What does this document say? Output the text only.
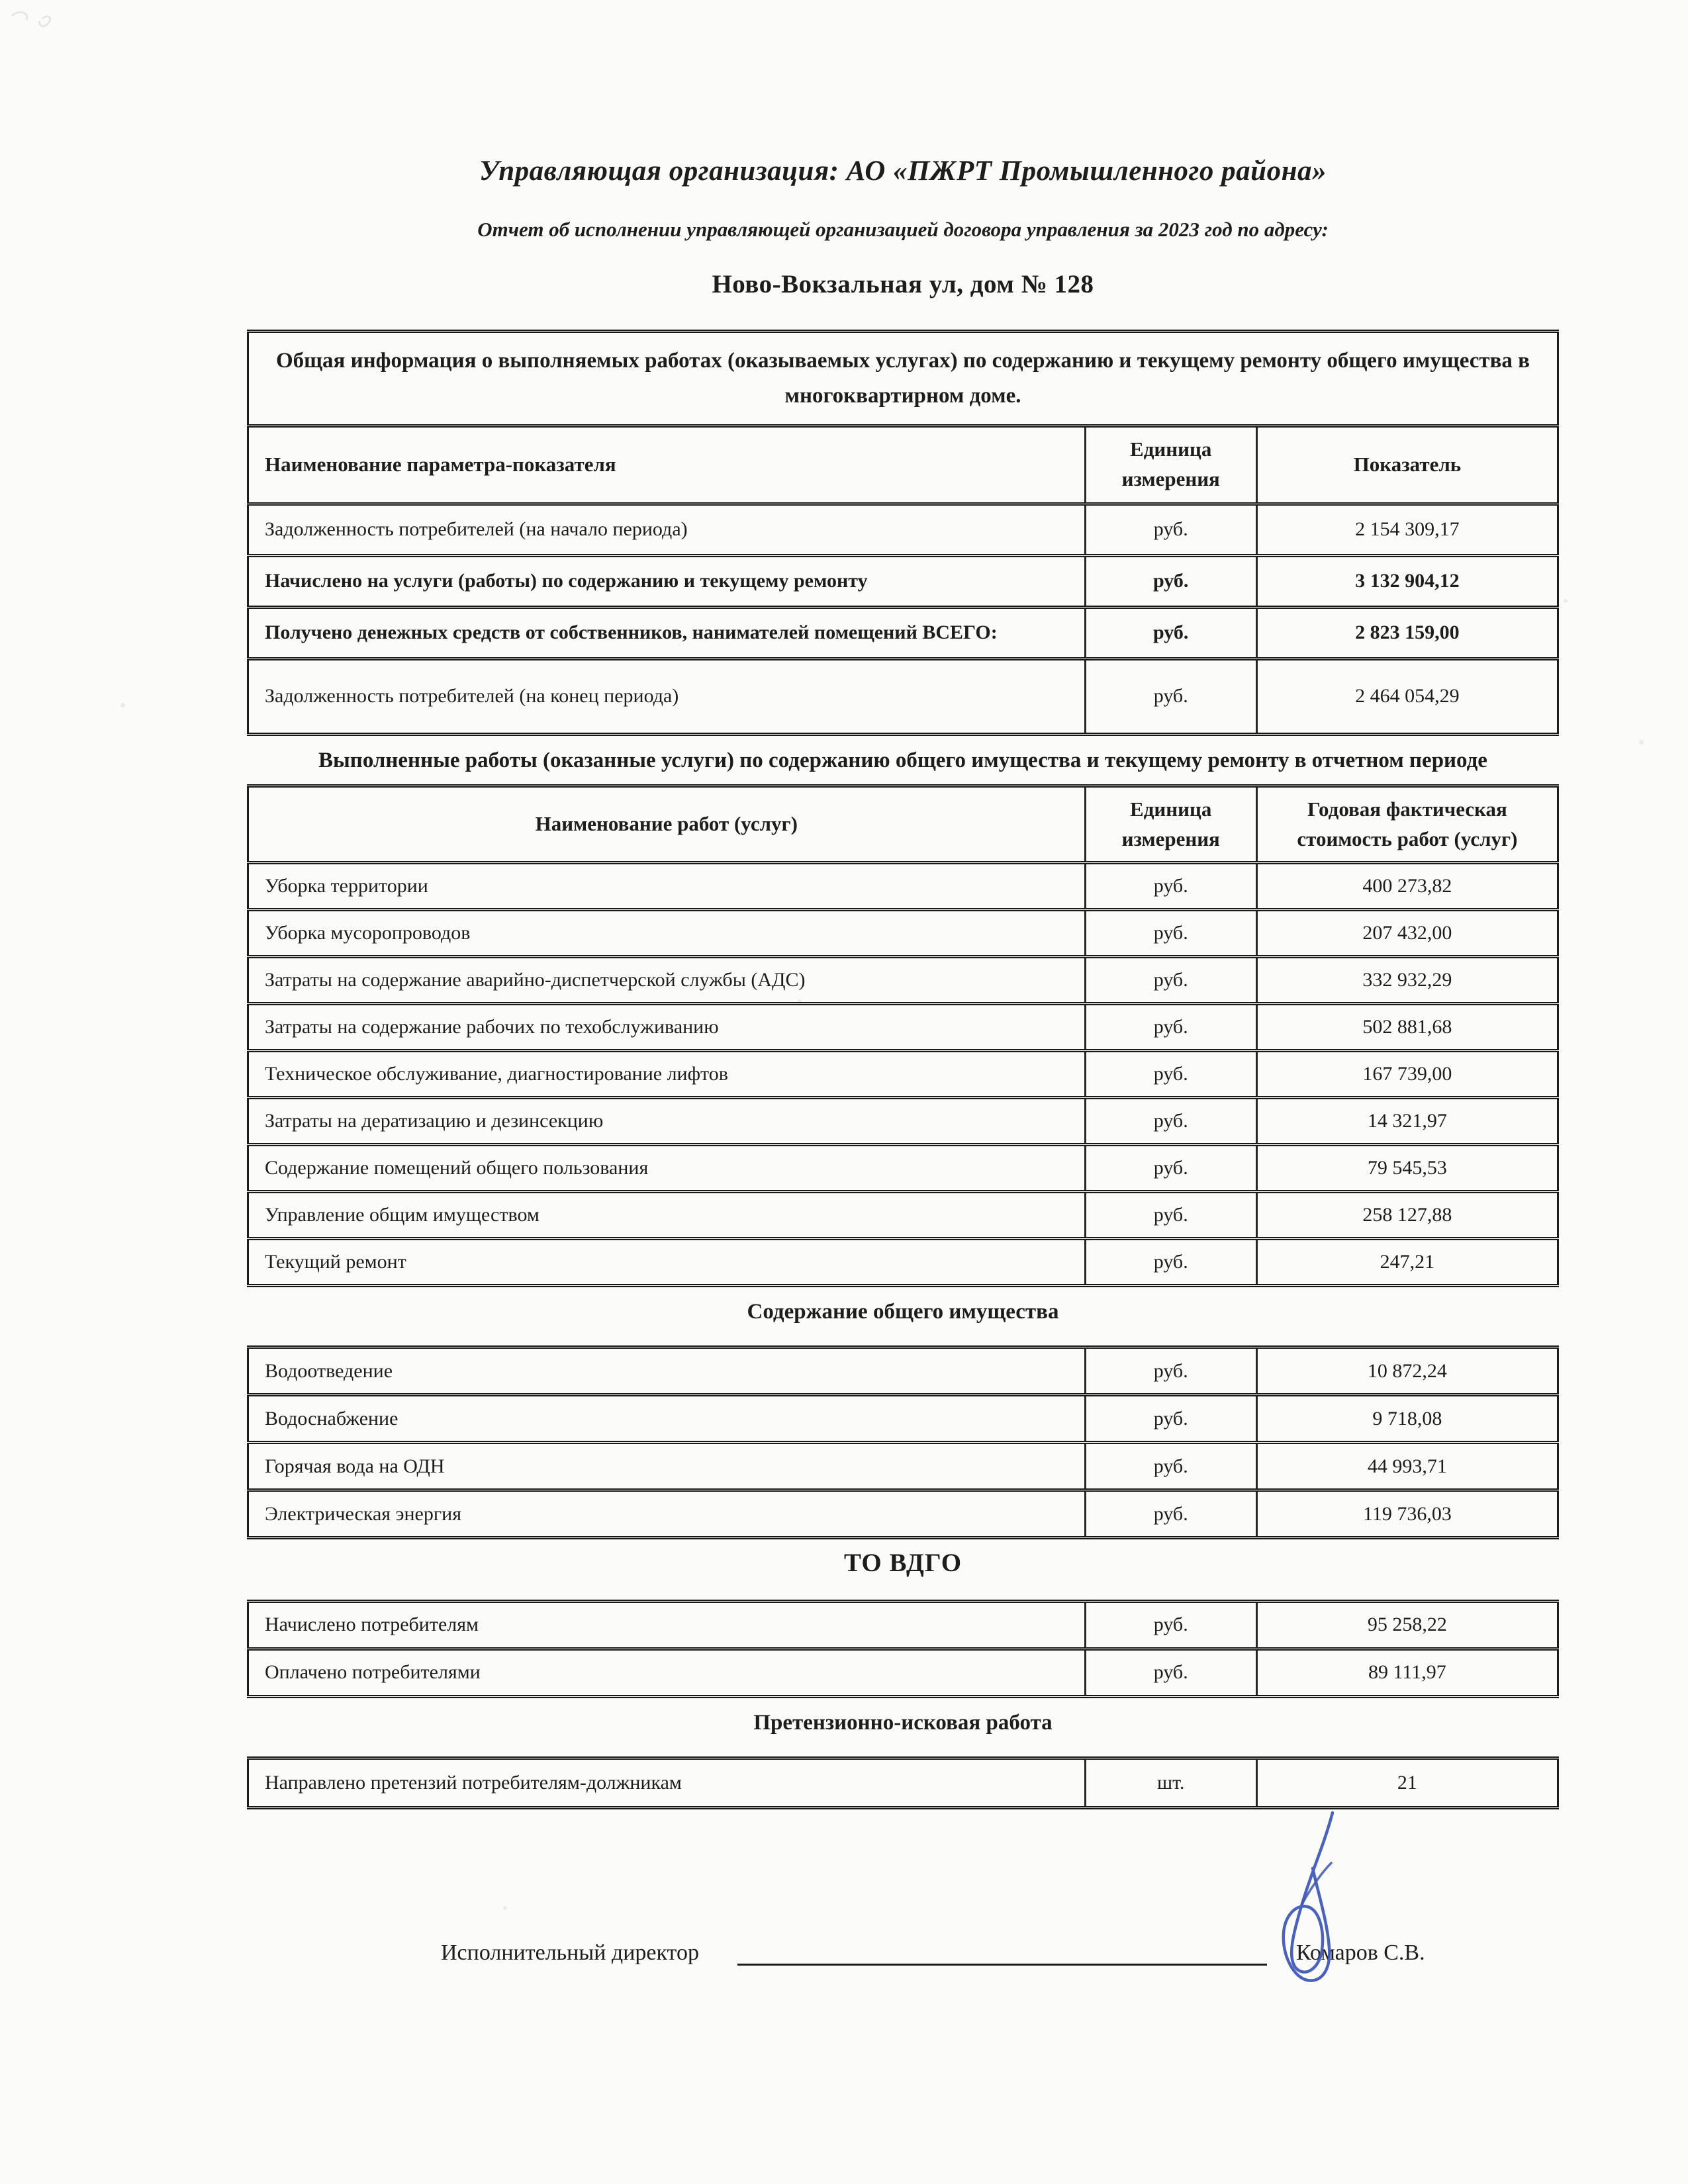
Управляющая организация: АО «ПЖРТ Промышленного района»
Отчет об исполнении управляющей организацией договора управления за 2023 год по адресу:
Ново-Вокзальная ул, дом № 128
Общая информация о выполняемых работах (оказываемых услугах) по содержанию и текущему ремонту общего имущества в многоквартирном доме.		
Наименование параметра-показателя	Единица измерения	Показатель
Задолженность потребителей (на начало периода)	руб.	2 154 309,17
Начислено на услуги (работы) по содержанию и текущему ремонту	руб.	3 132 904,12
Получено денежных средств от собственников, нанимателей помещений ВСЕГО:	руб.	2 823 159,00
Задолженность потребителей (на конец периода)	руб.	2 464 054,29
Выполненные работы (оказанные услуги) по содержанию общего имущества и текущему ремонту в отчетном периоде
Наименование работ (услуг)	Единица измерения	Годовая фактическая стоимость работ (услуг)
Уборка территории	руб.	400 273,82
Уборка мусоропроводов	руб.	207 432,00
Затраты на содержание аварийно-диспетчерской службы (АДС)	руб.	332 932,29
Затраты на содержание рабочих по техобслуживанию	руб.	502 881,68
Техническое обслуживание, диагностирование лифтов	руб.	167 739,00
Затраты на дератизацию и дезинсекцию	руб.	14 321,97
Содержание помещений общего пользования	руб.	79 545,53
Управление общим имуществом	руб.	258 127,88
Текущий ремонт	руб.	247,21
Содержание общего имущества
Водоотведение	руб.	10 872,24
Водоснабжение	руб.	9 718,08
Горячая вода на ОДН	руб.	44 993,71
Электрическая энергия	руб.	119 736,03
ТО ВДГО
Начислено потребителям	руб.	95 258,22
Оплачено потребителями	руб.	89 111,97
Претензионно-исковая работа
Направлено претензий потребителям-должникам	шт.	21
Исполнительный директор	Комаров С.В.
